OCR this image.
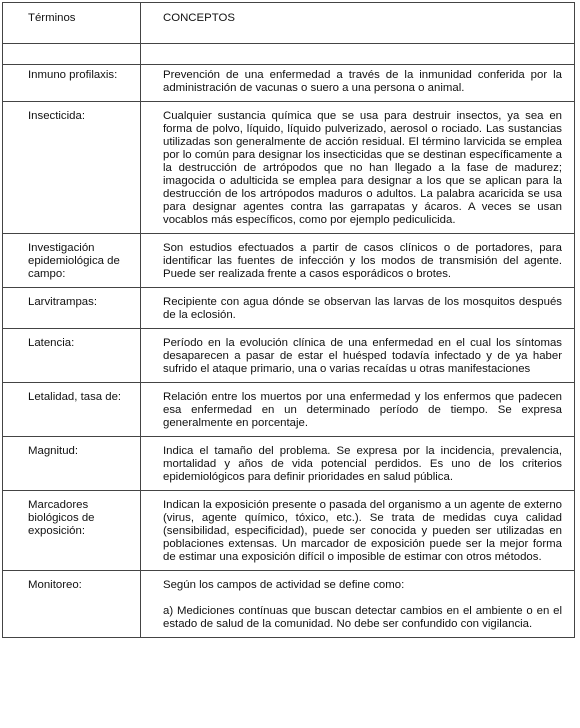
Términos	CONCEPTOS

Inmuno profilaxis:	Prevención de una enfermedad a través de la inmunidad conferida por la administración de vacunas o suero a una persona o animal.

Insecticida:	Cualquier sustancia química que se usa para destruir insectos, ya sea en forma de polvo, líquido, líquido pulverizado, aerosol o rociado. Las sustancias utilizadas son generalmente de acción residual. El término larvicida se emplea por lo común para designar los insecticidas que se destinan específicamente a la destrucción de artrópodos que no han llegado a la fase de madurez; imagocida o adulticida se emplea para designar a los que se aplican para la destrucción de los artrópodos maduros o adultos. La palabra acaricida se usa para designar agentes contra las garrapatas y ácaros. A veces se usan vocablos más específicos, como por ejemplo pediculicida.

Investigación epidemiológica de campo:	Son estudios efectuados a partir de casos clínicos o de portadores, para identificar las fuentes de infección y los modos de transmisión del agente. Puede ser realizada frente a casos esporádicos o brotes.

Larvitrampas:	Recipiente con agua dónde se observan las larvas de los mosquitos después de la eclosión.

Latencia:	Período en la evolución clínica de una enfermedad en el cual los síntomas desaparecen a pasar de estar el huésped todavía infectado y de ya haber sufrido el ataque primario, una o varias recaídas u otras manifestaciones

Letalidad, tasa de:	Relación entre los muertos por una enfermedad y los enfermos que padecen esa enfermedad en un determinado período de tiempo. Se expresa generalmente en porcentaje.

Magnitud:	Indica el tamaño del problema. Se expresa por la incidencia, prevalencia, mortalidad y años de vida potencial perdidos. Es uno de los criterios epidemiológicos para definir prioridades en salud pública.

Marcadores biológicos de exposición:	Indican la exposición presente o pasada del organismo a un agente de externo (virus, agente químico, tóxico, etc.). Se trata de medidas cuya calidad (sensibilidad, especificidad), puede ser conocida y pueden ser utilizadas en poblaciones extensas. Un marcador de exposición puede ser la mejor forma de estimar una exposición difícil o imposible de estimar con otros métodos.

Monitoreo:	Según los campos de actividad se define como:

a) Mediciones contínuas que buscan detectar cambios en el ambiente o en el estado de salud de la comunidad. No debe ser confundido con vigilancia.
